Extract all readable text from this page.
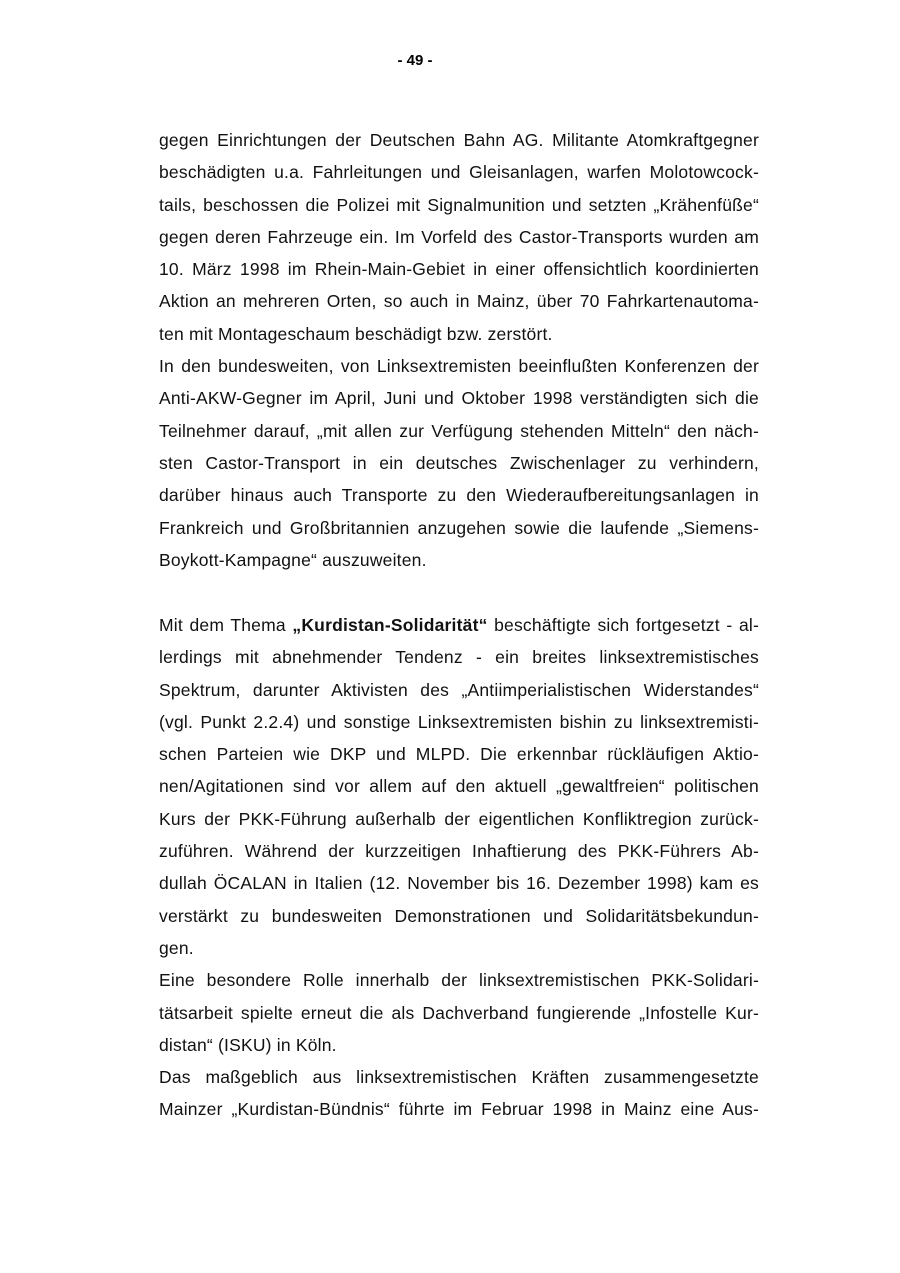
- 49 -
gegen Einrichtungen der Deutschen Bahn AG. Militante Atomkraftgegner
beschädigten u.a. Fahrleitungen und Gleisanlagen, warfen Molotowcock-
tails, beschossen die Polizei mit Signalmunition und setzten „Krähenfüße“
gegen deren Fahrzeuge ein. Im Vorfeld des Castor-Transports wurden am
10. März 1998 im Rhein-Main-Gebiet in einer offensichtlich koordinierten
Aktion an mehreren Orten, so auch in Mainz, über 70 Fahrkartenautoma-
ten mit Montageschaum beschädigt bzw. zerstört.
In den bundesweiten, von Linksextremisten beeinflußten Konferenzen der
Anti-AKW-Gegner im April, Juni und Oktober 1998 verständigten sich die
Teilnehmer darauf, „mit allen zur Verfügung stehenden Mitteln“ den näch-
sten Castor-Transport in ein deutsches Zwischenlager zu verhindern,
darüber hinaus auch Transporte zu den Wiederaufbereitungsanlagen in
Frankreich und Großbritannien anzugehen sowie die laufende „Siemens-
Boykott-Kampagne“ auszuweiten.
Mit dem Thema „Kurdistan-Solidarität“ beschäftigte sich fortgesetzt - al-
lerdings mit abnehmender Tendenz - ein breites linksextremistisches
Spektrum, darunter Aktivisten des „Antiimperialistischen Widerstandes“
(vgl. Punkt 2.2.4) und sonstige Linksextremisten bishin zu linksextremisti-
schen Parteien wie DKP und MLPD. Die erkennbar rückläufigen Aktio-
nen/Agitationen sind vor allem auf den aktuell „gewaltfreien“ politischen
Kurs der PKK-Führung außerhalb der eigentlichen Konfliktregion zurück-
zuführen. Während der kurzzeitigen Inhaftierung des PKK-Führers Ab-
dullah ÖCALAN in Italien (12. November bis 16. Dezember 1998) kam es
verstärkt zu bundesweiten Demonstrationen und Solidaritätsbekundun-
gen.
Eine besondere Rolle innerhalb der linksextremistischen PKK-Solidari-
tätsarbeit spielte erneut die als Dachverband fungierende „Infostelle Kur-
distan“ (ISKU) in Köln.
Das maßgeblich aus linksextremistischen Kräften zusammengesetzte
Mainzer „Kurdistan-Bündnis“ führte im Februar 1998 in Mainz eine Aus-
